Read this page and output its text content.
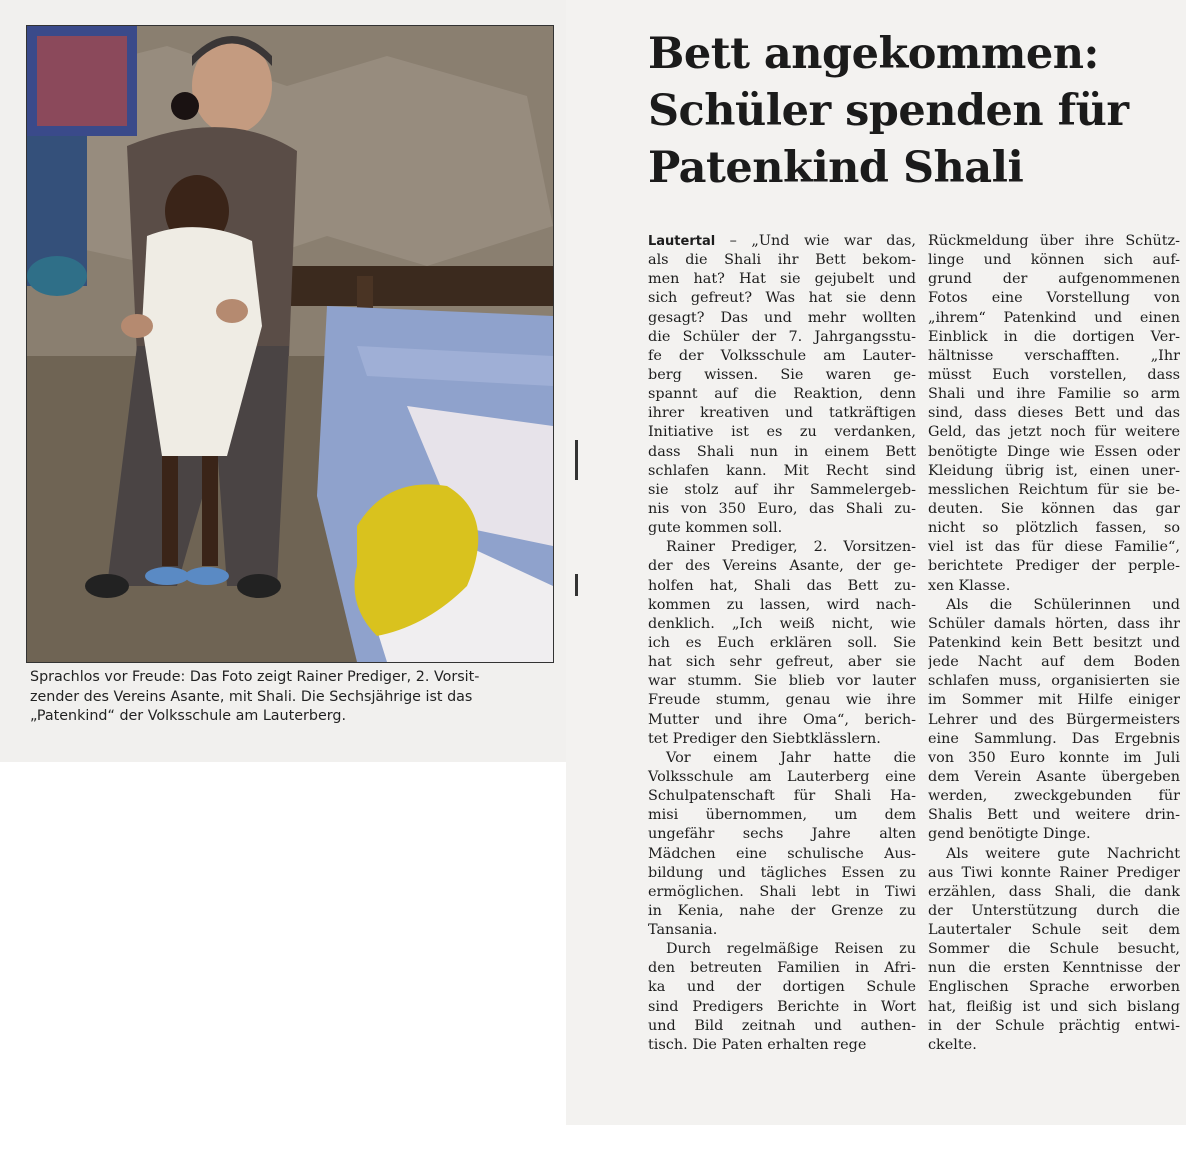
Sprachlos vor Freude: Das Foto zeigt Rainer Prediger, 2. Vorsit-

zender des Vereins Asante, mit Shali. Die Sechsjährige ist das

„Patenkind“ der Volksschule am Lauterberg.

Bett angekommen:
Schüler spenden für
Patenkind Shali
Lautertal – „Und wie war das,
als die Shali ihr Bett bekom-
men hat? Hat sie gejubelt und
sich gefreut? Was hat sie denn
gesagt? Das und mehr wollten
die Schüler der 7. Jahrgangsstu-
fe der Volksschule am Lauter-
berg wissen. Sie waren ge-
spannt auf die Reaktion, denn
ihrer kreativen und tatkräftigen
Initiative ist es zu verdanken,
dass Shali nun in einem Bett
schlafen kann. Mit Recht sind
sie stolz auf ihr Sammelergeb-
nis von 350 Euro, das Shali zu-
gute kommen soll.
Rainer Prediger, 2. Vorsitzen-
der des Vereins Asante, der ge-
holfen hat, Shali das Bett zu-
kommen zu lassen, wird nach-
denklich. „Ich weiß nicht, wie
ich es Euch erklären soll. Sie
hat sich sehr gefreut, aber sie
war stumm. Sie blieb vor lauter
Freude stumm, genau wie ihre
Mutter und ihre Oma“, berich-
tet Prediger den Siebtklässlern.
Vor einem Jahr hatte die
Volksschule am Lauterberg eine
Schulpatenschaft für Shali Ha-
misi übernommen, um dem
ungefähr sechs Jahre alten
Mädchen eine schulische Aus-
bildung und tägliches Essen zu
ermöglichen. Shali lebt in Tiwi
in Kenia, nahe der Grenze zu
Tansania.
Durch regelmäßige Reisen zu
den betreuten Familien in Afri-
ka und der dortigen Schule
sind Predigers Berichte in Wort
und Bild zeitnah und authen-
tisch. Die Paten erhalten rege
Rückmeldung über ihre Schütz-
linge und können sich auf-
grund der aufgenommenen
Fotos eine Vorstellung von
„ihrem“ Patenkind und einen
Einblick in die dortigen Ver-
hältnisse verschafften. „Ihr
müsst Euch vorstellen, dass
Shali und ihre Familie so arm
sind, dass dieses Bett und das
Geld, das jetzt noch für weitere
benötigte Dinge wie Essen oder
Kleidung übrig ist, einen uner-
messlichen Reichtum für sie be-
deuten. Sie können das gar
nicht so plötzlich fassen, so
viel ist das für diese Familie“,
berichtete Prediger der perple-
xen Klasse.
Als die Schülerinnen und
Schüler damals hörten, dass ihr
Patenkind kein Bett besitzt und
jede Nacht auf dem Boden
schlafen muss, organisierten sie
im Sommer mit Hilfe einiger
Lehrer und des Bürgermeisters
eine Sammlung. Das Ergebnis
von 350 Euro konnte im Juli
dem Verein Asante übergeben
werden, zweckgebunden für
Shalis Bett und weitere drin-
gend benötigte Dinge.
Als weitere gute Nachricht
aus Tiwi konnte Rainer Prediger
erzählen, dass Shali, die dank
der Unterstützung durch die
Lautertaler Schule seit dem
Sommer die Schule besucht,
nun die ersten Kenntnisse der
Englischen Sprache erworben
hat, fleißig ist und sich bislang
in der Schule prächtig entwi-
ckelte.
